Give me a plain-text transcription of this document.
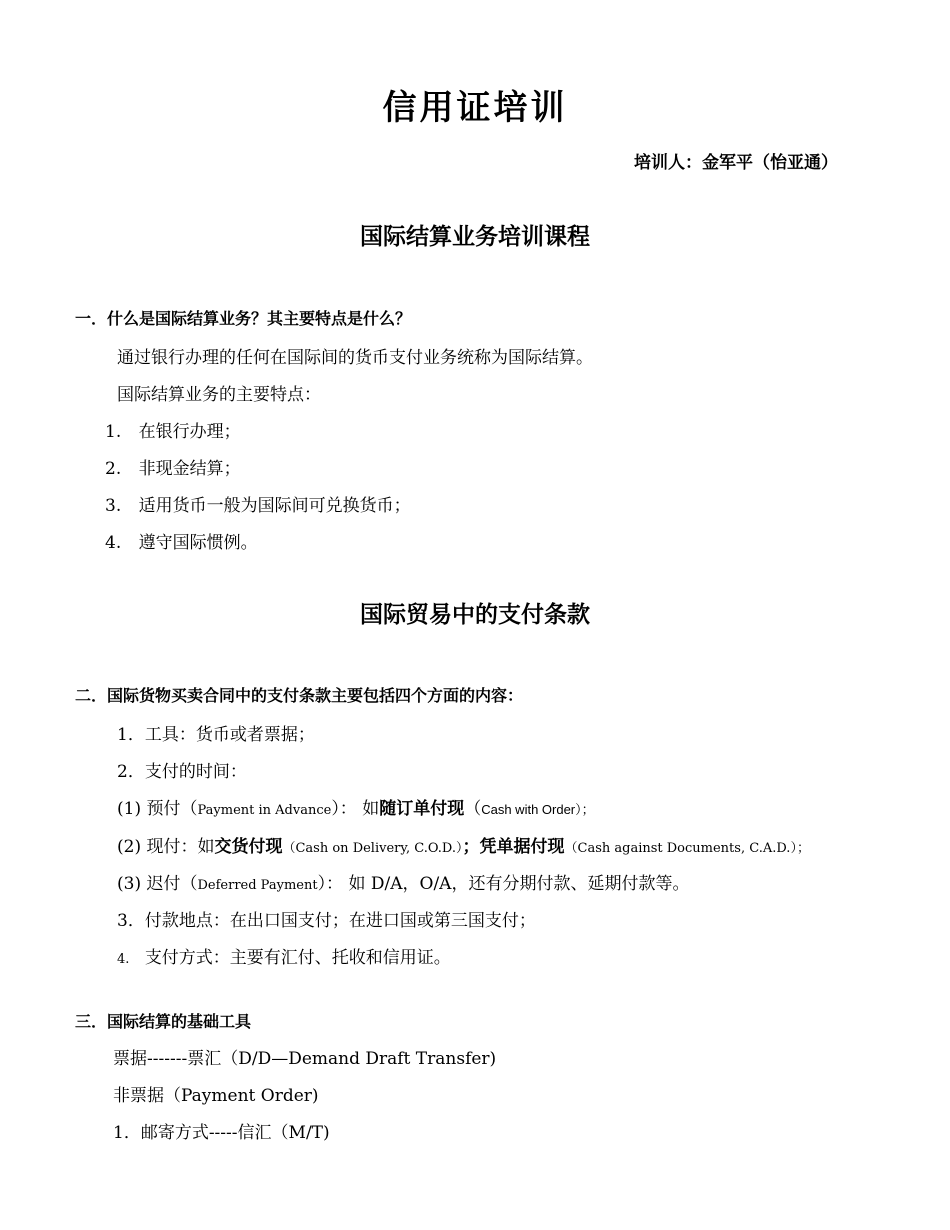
信用证培训
培训人：金军平（怡亚通）
国际结算业务培训课程
一．什么是国际结算业务？其主要特点是什么？
通过银行办理的任何在国际间的货币支付业务统称为国际结算。
国际结算业务的主要特点：
1. 在银行办理；
2. 非现金结算；
3. 适用货币一般为国际间可兑换货币；
4. 遵守国际惯例。
国际贸易中的支付条款
二．国际货物买卖合同中的支付条款主要包括四个方面的内容：
1．工具：货币或者票据；
2．支付的时间：
(1) 预付（Payment in Advance）： 如随订单付现（Cash with Order）；
(2) 现付：如交货付现（Cash on Delivery, C.O.D.）；凭单据付现（Cash against Documents, C.A.D.）；
(3) 迟付（Deferred Payment）： 如 D/A，O/A，还有分期付款、延期付款等。
3．付款地点：在出口国支付；在进口国或第三国支付；
4. 支付方式：主要有汇付、托收和信用证。
三．国际结算的基础工具
票据-------票汇（D/D—Demand Draft Transfer)
非票据（Payment Order)
1．邮寄方式-----信汇（M/T)
